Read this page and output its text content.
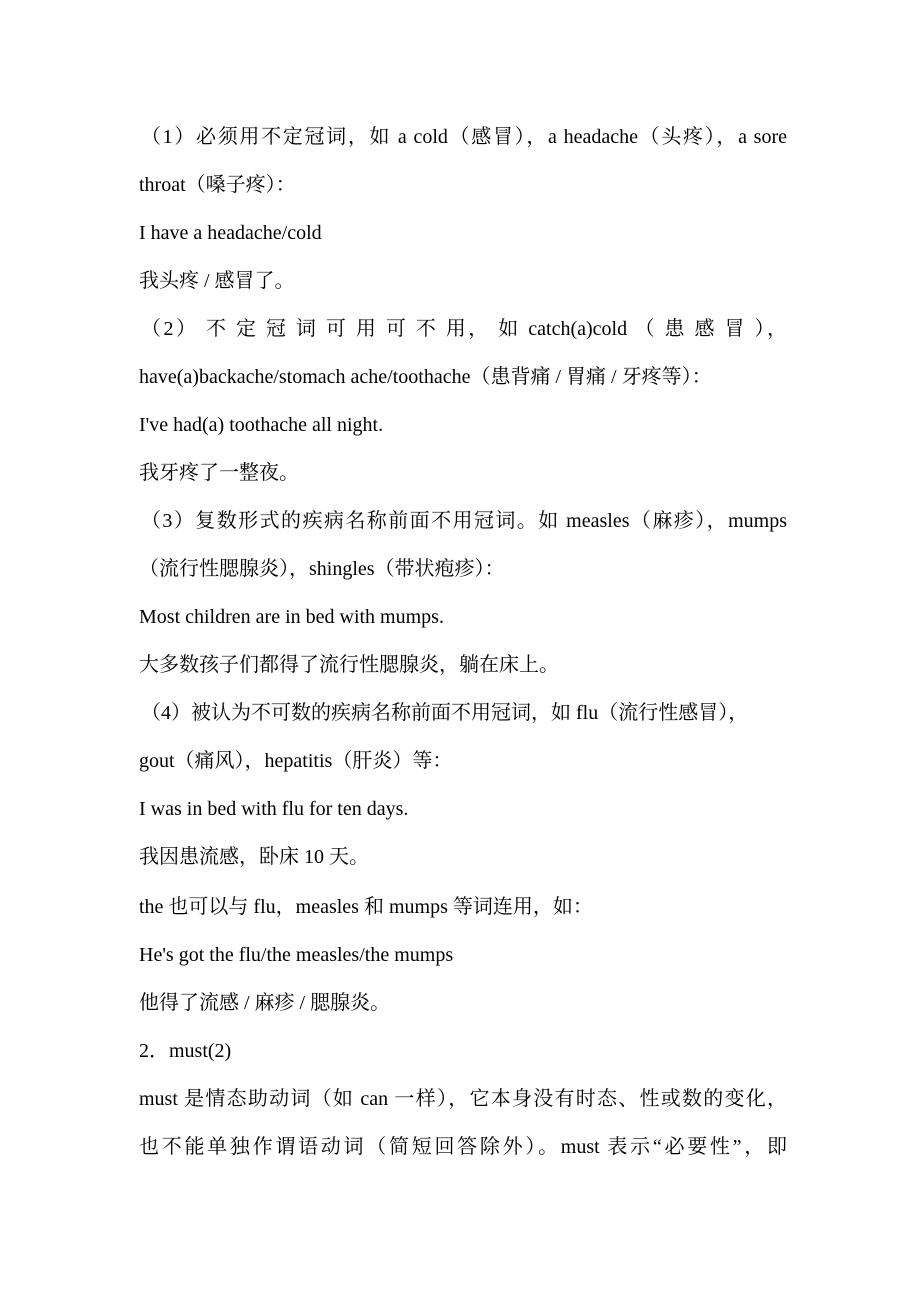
（1）必须用不定冠词，如 a cold（感冒），a headache（头疼），a sore
throat（嗓子疼）：
I have a headache/cold
我头疼 / 感冒了。
（2） 不 定 冠 词 可 用 可 不 用， 如 catch(a)cold （ 患 感 冒 ），
have(a)backache/stomach ache/toothache（患背痛 / 胃痛 / 牙疼等）：
I've had(a) toothache all night.
我牙疼了一整夜。
（3）复数形式的疾病名称前面不用冠词。如 measles（麻疹），mumps
（流行性腮腺炎），shingles（带状疱疹）：
Most children are in bed with mumps.
大多数孩子们都得了流行性腮腺炎，躺在床上。
（4）被认为不可数的疾病名称前面不用冠词，如 flu（流行性感冒），
gout（痛风），hepatitis（肝炎）等：
I was in bed with flu for ten days.
我因患流感，卧床 10 天。
the 也可以与 flu，measles 和 mumps 等词连用，如：
He's got the flu/the measles/the mumps
他得了流感 / 麻疹 / 腮腺炎。
2．must(2)
must 是情态助动词（如 can 一样），它本身没有时态、性或数的变化，
也不能单独作谓语动词（简短回答除外）。must 表示“必要性”，即
